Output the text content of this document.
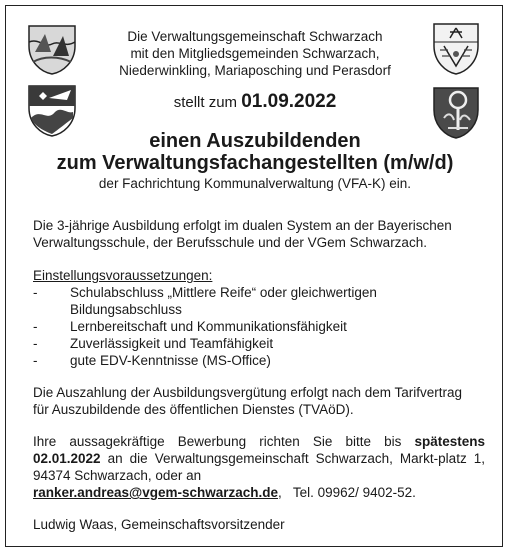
Die Verwaltungsgemeinschaft Schwarzach
mit den Mitgliedsgemeinden Schwarzach,
Niederwinkling, Mariaposching und Perasdorf
stellt zum 01.09.2022
einen Auszubildenden
zum Verwaltungsfachangestellten (m/w/d)
der Fachrichtung Kommunalverwaltung (VFA-K) ein.

Die 3-jährige Ausbildung erfolgt im dualen System an der Bayerischen
Verwaltungsschule, der Berufsschule und der VGem Schwarzach.

Einstellungsvoraussetzungen:
- Schulabschluss „Mittlere Reife“ oder gleichwertigen Bildungsabschluss
- Lernbereitschaft und Kommunikationsfähigkeit
- Zuverlässigkeit und Teamfähigkeit
- gute EDV-Kenntnisse (MS-Office)

Die Auszahlung der Ausbildungsvergütung erfolgt nach dem Tarifvertrag
für Auszubildende des öffentlichen Dienstes (TVAöD).

Ihre aussagekräftige Bewerbung richten Sie bitte bis spätestens 02.01.2022 an die Verwaltungsgemeinschaft Schwarzach, Markt-platz 1, 94374 Schwarzach, oder an
ranker.andreas@vgem-schwarzach.de,   Tel. 09962/ 9402-52.

Ludwig Waas, Gemeinschaftsvorsitzender
